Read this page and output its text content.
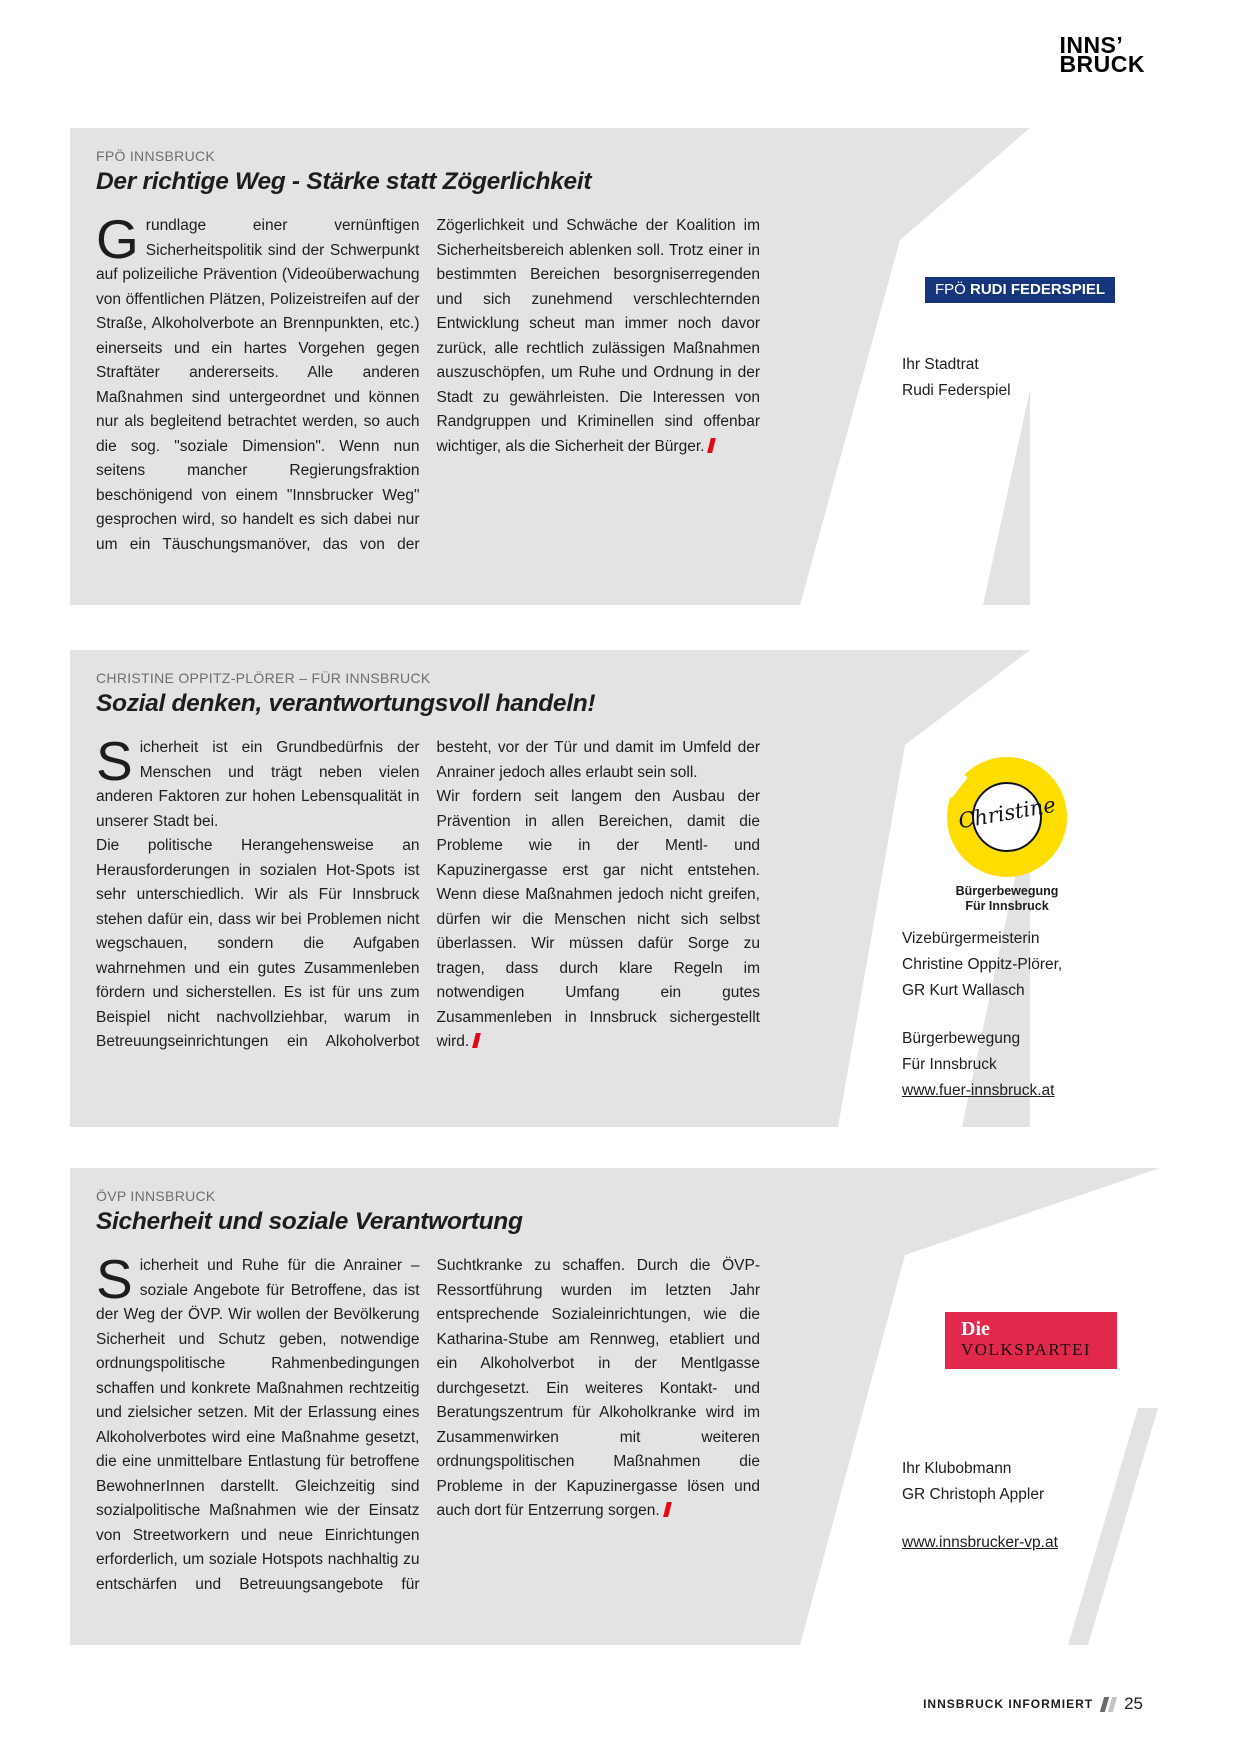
INNS’
BRUCK
FPÖ INNSBRUCK
Der richtige Weg - Stärke statt Zögerlichkeit

Grundlage einer vernünftigen Sicherheitspolitik sind der Schwerpunkt auf polizeiliche Prävention (Videoüberwachung von öffentlichen Plätzen, Polizeistreifen auf der Straße, Alkoholverbote an Brennpunkten, etc.) einerseits und ein hartes Vorgehen gegen Straftäter andererseits. Alle anderen Maßnahmen sind untergeordnet und können nur als begleitend betrachtet werden, so auch die sog. "soziale Dimension". Wenn nun seitens mancher Regierungsfraktion beschönigend von einem "Innsbrucker Weg" gesprochen wird, so handelt es sich dabei nur um ein Täuschungsmanöver, das von der Zögerlichkeit und Schwäche der Koalition im Sicherheitsbereich ablenken soll. Trotz einer in bestimmten Bereichen besorgniserregenden und sich zunehmend verschlechternden Entwicklung scheut man immer noch davor zurück, alle rechtlich zulässigen Maßnahmen auszuschöpfen, um Ruhe und Ordnung in der Stadt zu gewährleisten. Die Interessen von Randgruppen und Kriminellen sind offenbar wichtiger, als die Sicherheit der Bürger.

FPÖ RUDI FEDERSPIEL
Ihr Stadtrat
Rudi Federspiel
CHRISTINE OPPITZ-PLÖRER – FÜR INNSBRUCK
Sozial denken, verantwortungsvoll handeln!

Sicherheit ist ein Grundbedürfnis der Menschen und trägt neben vielen anderen Faktoren zur hohen Lebensqualität in unserer Stadt bei.

Die politische Herangehensweise an Herausforderungen in sozialen Hot-Spots ist sehr unterschiedlich. Wir als Für Innsbruck stehen dafür ein, dass wir bei Problemen nicht wegschauen, sondern die Aufgaben wahrnehmen und ein gutes Zusammenleben fördern und sicherstellen. Es ist für uns zum Beispiel nicht nachvollziehbar, warum in Betreuungseinrichtungen ein Alkoholverbot besteht, vor der Tür und damit im Umfeld der Anrainer jedoch alles erlaubt sein soll.

Wir fordern seit langem den Ausbau der Prävention in allen Bereichen, damit die Probleme wie in der Mentl- und Kapuzinergasse erst gar nicht entstehen. Wenn diese Maßnahmen jedoch nicht greifen, dürfen wir die Menschen nicht sich selbst überlassen. Wir müssen dafür Sorge zu tragen, dass durch klare Regeln im notwendigen Umfang ein gutes Zusammenleben in Innsbruck sichergestellt wird.

Christine
Bürgerbewegung
Für Innsbruck
Vizebürgermeisterin
Christine Oppitz-Plörer,
GR Kurt Wallasch
Bürgerbewegung
Für Innsbruck
www.fuer-innsbruck.at
ÖVP INNSBRUCK
Sicherheit und soziale Verantwortung

Sicherheit und Ruhe für die Anrainer – soziale Angebote für Betroffene, das ist der Weg der ÖVP. Wir wollen der Bevölkerung Sicherheit und Schutz geben, notwendige ordnungspolitische Rahmenbedingungen schaffen und konkrete Maßnahmen rechtzeitig und zielsicher setzen. Mit der Erlassung eines Alkoholverbotes wird eine Maßnahme gesetzt, die eine unmittelbare Entlastung für betroffene BewohnerInnen darstellt. Gleichzeitig sind sozialpolitische Maßnahmen wie der Einsatz von Streetworkern und neue Einrichtungen erforderlich, um soziale Hotspots nachhaltig zu entschärfen und Betreuungsangebote für Suchtkranke zu schaffen. Durch die ÖVP-Ressortführung wurden im letzten Jahr entsprechende Sozialeinrichtungen, wie die Katharina-Stube am Rennweg, etabliert und ein Alkoholverbot in der Mentlgasse durchgesetzt. Ein weiteres Kontakt- und Beratungszentrum für Alkoholkranke wird im Zusammenwirken mit weiteren ordnungspolitischen Maßnahmen die Probleme in der Kapuzinergasse lösen und auch dort für Entzerrung sorgen.

Die
VOLKSPARTEI
Ihr Klubobmann
GR Christoph Appler
www.innsbrucker-vp.at
INNSBRUCK INFORMIERT 25
